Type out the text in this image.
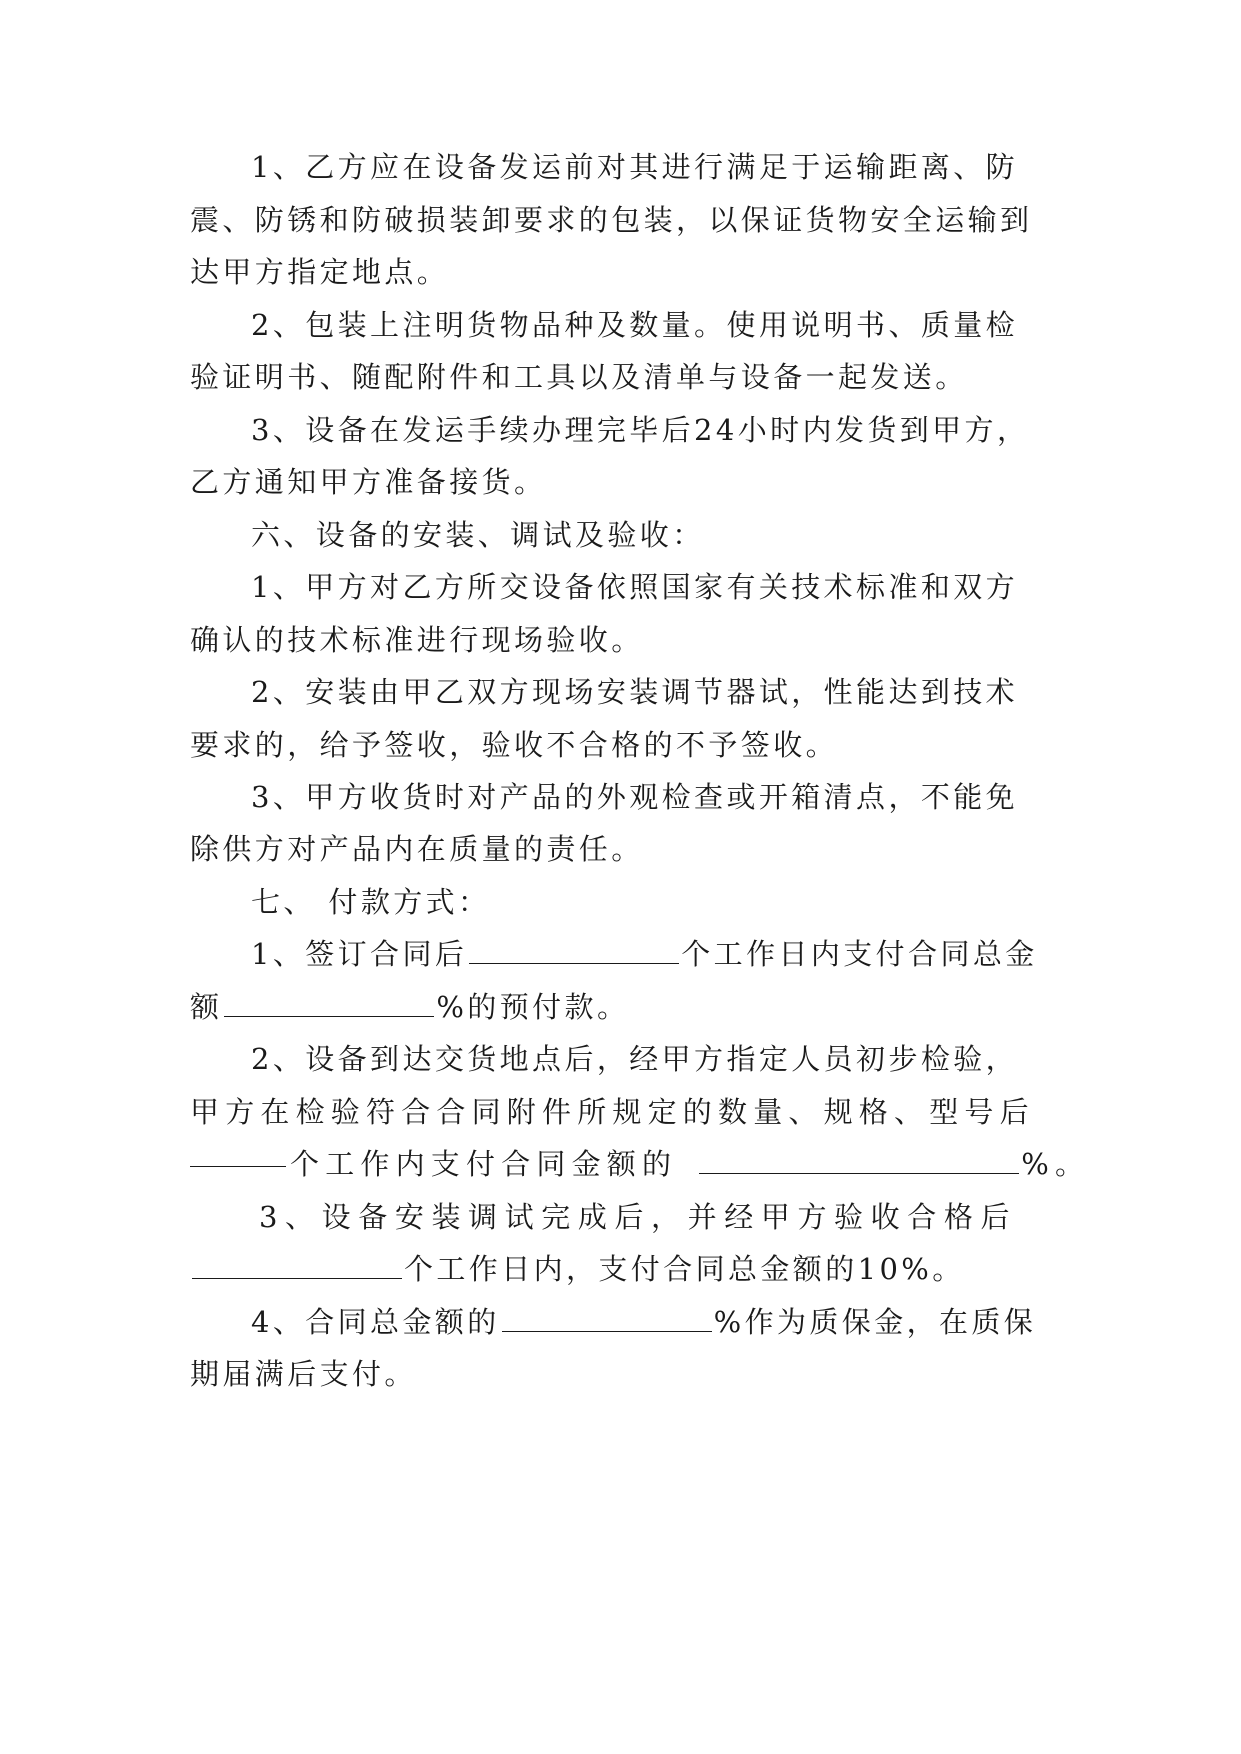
1、乙方应在设备发运前对其进行满足于运输距离、防
震、防锈和防破损装卸要求的包装，以保证货物安全运输到
达甲方指定地点。
2、包装上注明货物品种及数量。使用说明书、质量检
验证明书、随配附件和工具以及清单与设备一起发送。
3、设备在发运手续办理完毕后24小时内发货到甲方，
乙方通知甲方准备接货。
六、设备的安装、调试及验收：
1、甲方对乙方所交设备依照国家有关技术标准和双方
确认的技术标准进行现场验收。
2、安装由甲乙双方现场安装调节器试，性能达到技术
要求的，给予签收，验收不合格的不予签收。
3、甲方收货时对产品的外观检查或开箱清点，不能免
除供方对产品内在质量的责任。
七、 付款方式：
1、签订合同后	个工作日内支付合同总金
额	%的预付款。
2、设备到达交货地点后，经甲方指定人员初步检验，
甲方在检验符合合同附件所规定的数量、规格、型号后
个工作内支付合同金额的	%。
3、设备安装调试完成后，并经甲方验收合格后
个工作日内，支付合同总金额的10%。
4、合同总金额的	%作为质保金，在质保
期届满后支付。
